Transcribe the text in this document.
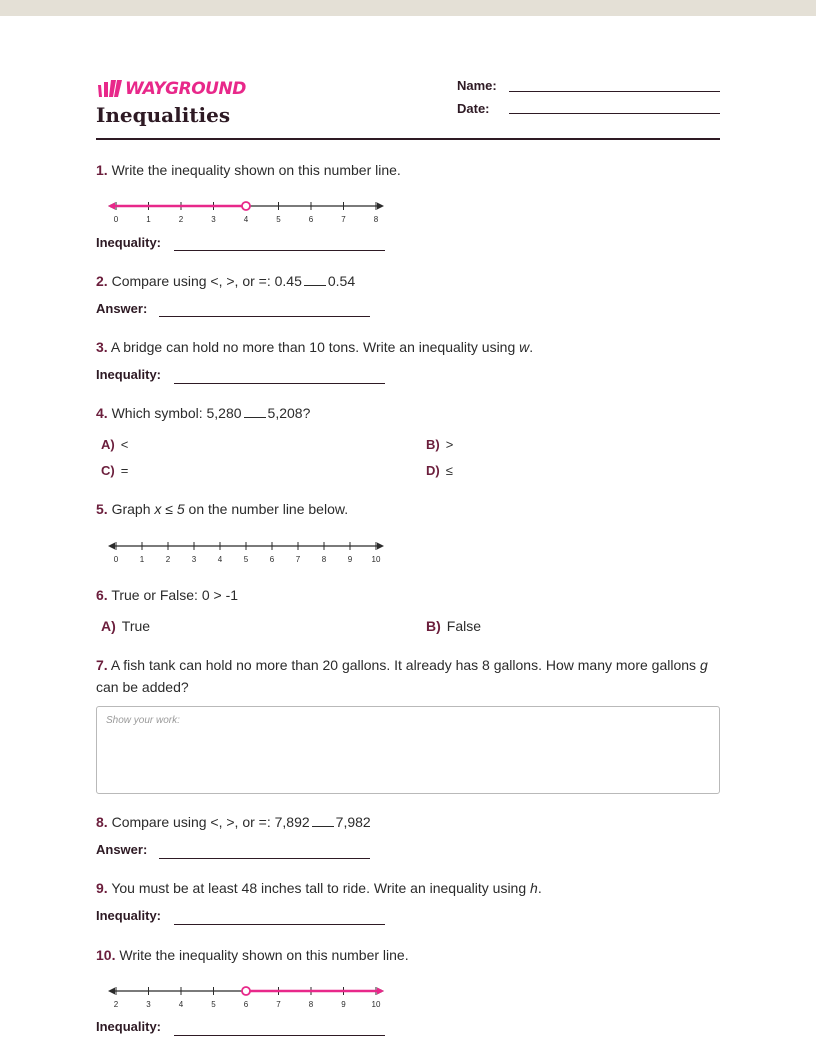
WAYGROUND
Inequalities
Name:
Date:
1. Write the inequality shown on this number line.
0	1	2	3	4	5	6	7	8
Inequality:
2. Compare using <, >, or =: 0.45 0.54
Answer:
3. A bridge can hold no more than 10 tons. Write an inequality using w.
Inequality:
4. Which symbol: 5,280 5,208?
A) <	B) >
C) =	D) ≤
5. Graph x ≤ 5 on the number line below.
0	1	2	3	4	5	6	7	8	9 10
6. True or False: 0 > -1
A) True	B) False
7. A fish tank can hold no more than 20 gallons. It already has 8 gallons. How many more gallons g can be added?
Show your work:
8. Compare using <, >, or =: 7,892 7,982
Answer:
9. You must be at least 48 inches tall to ride. Write an inequality using h.
Inequality:
10. Write the inequality shown on this number line.
2	3	4	5	6	7	8	9	10
Inequality:
